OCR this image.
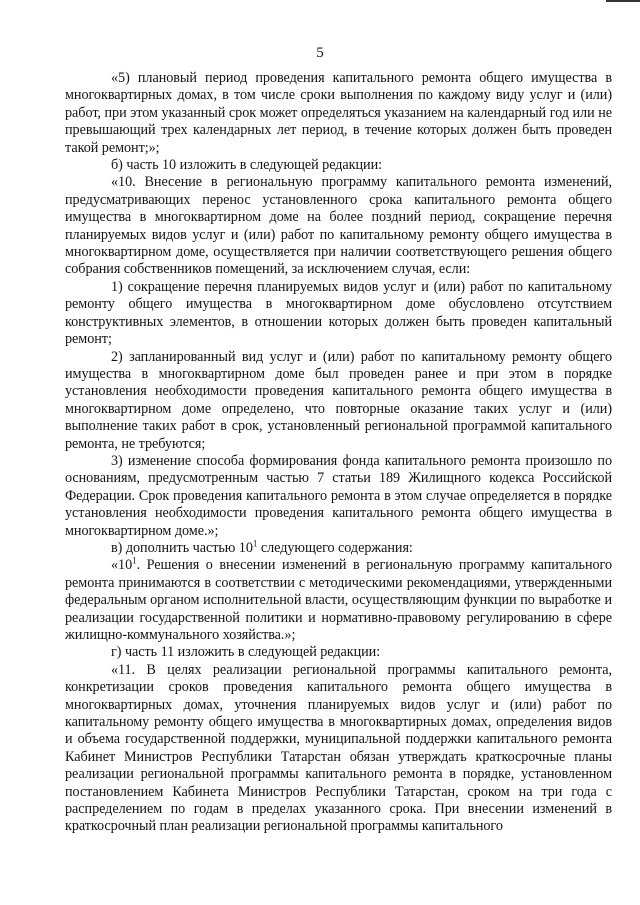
5

«5) плановый период проведения капитального ремонта общего имущества в многоквартирных домах, в том числе сроки выполнения по каждому виду услуг и (или) работ, при этом указанный срок может определяться указанием на календарный год или не превышающий трех календарных лет период, в течение которых должен быть проведен такой ремонт;»;

б) часть 10 изложить в следующей редакции:

«10. Внесение в региональную программу капитального ремонта изменений, предусматривающих перенос установленного срока капитального ремонта общего имущества в многоквартирном доме на более поздний период, сокращение перечня планируемых видов услуг и (или) работ по капитальному ремонту общего имущества в многоквартирном доме, осуществляется при наличии соответствующего решения общего собрания собственников помещений, за исключением случая, если:

1) сокращение перечня планируемых видов услуг и (или) работ по капитальному ремонту общего имущества в многоквартирном доме обусловлено отсутствием конструктивных элементов, в отношении которых должен быть проведен капитальный ремонт;

2) запланированный вид услуг и (или) работ по капитальному ремонту общего имущества в многоквартирном доме был проведен ранее и при этом в порядке установления необходимости проведения капитального ремонта общего имущества в многоквартирном доме определено, что повторные оказание таких услуг и (или) выполнение таких работ в срок, установленный региональной программой капитального ремонта, не требуются;

3) изменение способа формирования фонда капитального ремонта произошло по основаниям, предусмотренным частью 7 статьи 189 Жилищного кодекса Российской Федерации. Срок проведения капитального ремонта в этом случае определяется в порядке установления необходимости проведения капитального ремонта общего имущества в многоквартирном доме.»;

в) дополнить частью $10^1$ следующего содержания:

«$10^1$. Решения о внесении изменений в региональную программу капитального ремонта принимаются в соответствии с методическими рекомендациями, утвержденными федеральным органом исполнительной власти, осуществляющим функции по выработке и реализации государственной политики и нормативно-правовому регулированию в сфере жилищно-коммунального хозяйства.»;

г) часть 11 изложить в следующей редакции:

«11. В целях реализации региональной программы капитального ремонта, конкретизации сроков проведения капитального ремонта общего имущества в многоквартирных домах, уточнения планируемых видов услуг и (или) работ по капитальному ремонту общего имущества в многоквартирных домах, определения видов и объема государственной поддержки, муниципальной поддержки капитального ремонта Кабинет Министров Республики Татарстан обязан утверждать краткосрочные планы реализации региональной программы капитального ремонта в порядке, установленном постановлением Кабинета Министров Республики Татарстан, сроком на три года с распределением по годам в пределах указанного срока. При внесении изменений в краткосрочный план реализации региональной программы капитального
